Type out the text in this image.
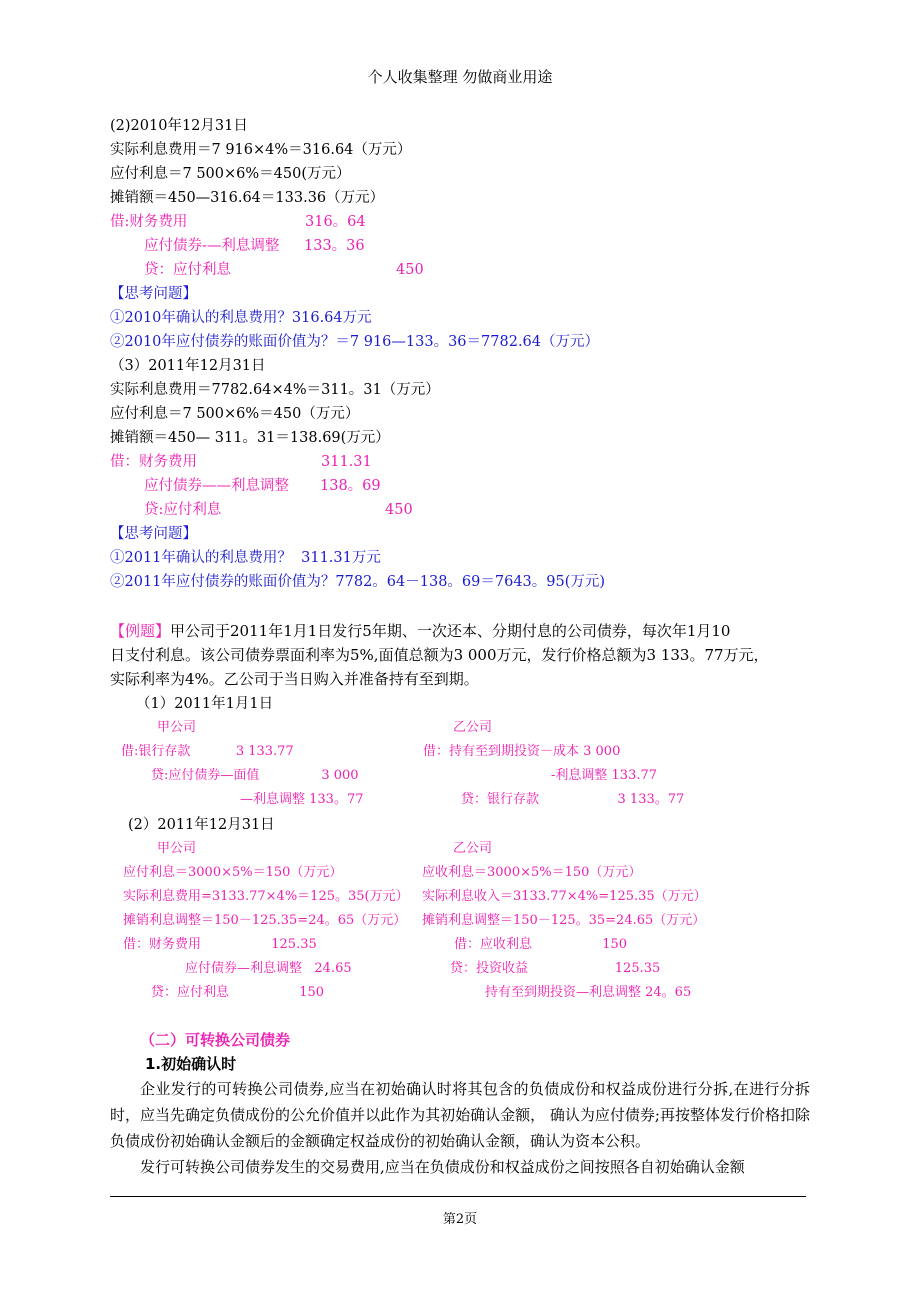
个人收集整理 勿做商业用途
(2)2010年12月31日
实际利息费用＝7 916×4%＝316.64（万元）
应付利息＝7 500×6%＝450(万元）
摊销额＝450—316.64＝133.36（万元）
借:财务费用	316。64
应付债券-—利息调整 133。36
贷：应付利息	450
【思考问题】
①2010年确认的利息费用？316.64万元
②2010年应付债券的账面价值为？＝7 916—133。36＝7782.64（万元）
（3）2011年12月31日
实际利息费用＝7782.64×4%＝311。31（万元）
应付利息＝7 500×6%＝450（万元）
摊销额＝450— 311。31＝138.69(万元）
借：财务费用	311.31
应付债券——利息调整 138。69
贷:应付利息	450
【思考问题】
①2011年确认的利息费用？  311.31万元
②2011年应付债券的账面价值为？7782。64－138。69＝7643。95(万元)
【例题】甲公司于2011年1月1日发行5年期、一次还本、分期付息的公司债券，每次年1月10
日支付利息。该公司债券票面利率为5%,面值总额为3 000万元，发行价格总额为3 133。77万元，
实际利率为4%。乙公司于当日购入并准备持有至到期。
（1）2011年1月1日
甲公司	乙公司
借:银行存款           3 133.77	借：持有至到期投资－成本 3 000
贷:应付债券—面值               3 000	-利息调整 133.77
—利息调整 133。77	贷：银行存款                   3 133。77
(2）2011年12月31日
甲公司	乙公司
应付利息＝3000×5%＝150（万元）	应收利息＝3000×5%＝150（万元）
实际利息费用=3133.77×4%＝125。35(万元） 实际利息收入＝3133.77×4%=125.35（万元）
摊销利息调整＝150－125.35=24。65（万元） 摊销利息调整＝150－125。35=24.65（万元）
借：财务费用                 125.35	借：应收利息                 150
应付债券—利息调整   24.65	贷：投资收益                     125.35
贷：应付利息                 150	持有至到期投资—利息调整 24。65
（二）可转换公司债券
1.初始确认时
企业发行的可转换公司债券,应当在初始确认时将其包含的负债成份和权益成份进行分拆,在进行分拆时，应当先确定负债成份的公允价值并以此作为其初始确认金额， 确认为应付债券;再按整体发行价格扣除负债成份初始确认金额后的金额确定权益成份的初始确认金额，确认为资本公积。
发行可转换公司债券发生的交易费用,应当在负债成份和权益成份之间按照各自初始确认金额
第2页
